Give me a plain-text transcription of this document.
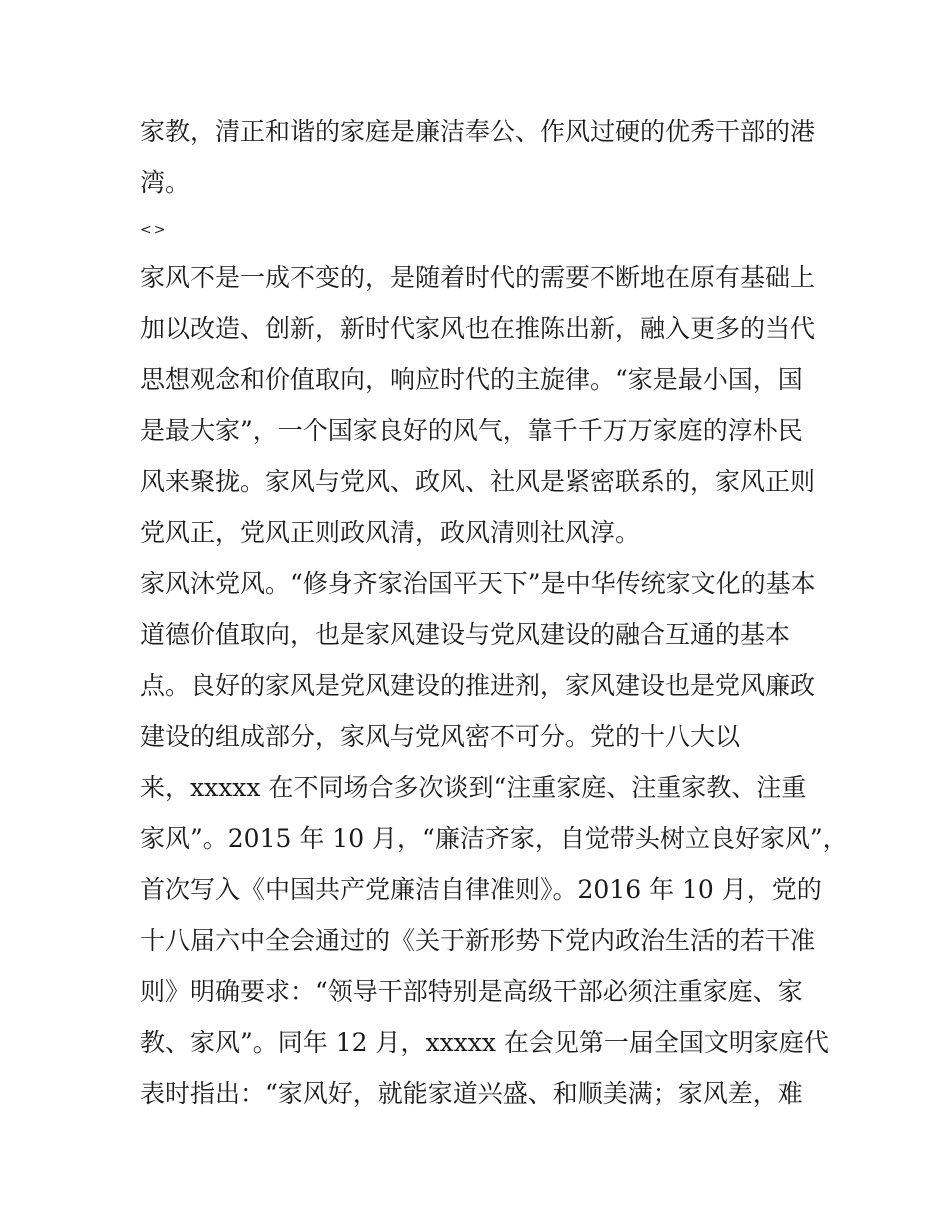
家教，清正和谐的家庭是廉洁奉公、作风过硬的优秀干部的港
湾。
<>
家风不是一成不变的，是随着时代的需要不断地在原有基础上
加以改造、创新，新时代家风也在推陈出新，融入更多的当代
思想观念和价值取向，响应时代的主旋律。“家是最小国，国
是最大家”，一个国家良好的风气，靠千千万万家庭的淳朴民
风来聚拢。家风与党风、政风、社风是紧密联系的，家风正则
党风正，党风正则政风清，政风清则社风淳。
家风沐党风。“修身齐家治国平天下”是中华传统家文化的基本
道德价值取向，也是家风建设与党风建设的融合互通的基本
点。良好的家风是党风建设的推进剂，家风建设也是党风廉政
建设的组成部分，家风与党风密不可分。党的十八大以
来，xxxxx 在不同场合多次谈到“注重家庭、注重家教、注重
家风”。2015 年 10 月，“廉洁齐家，自觉带头树立良好家风”，
首次写入《中国共产党廉洁自律准则》。2016 年 10 月，党的
十八届六中全会通过的《关于新形势下党内政治生活的若干准
则》明确要求：“领导干部特别是高级干部必须注重家庭、家
教、家风”。同年 12 月，xxxxx 在会见第一届全国文明家庭代
表时指出：“家风好，就能家道兴盛、和顺美满；家风差，难
